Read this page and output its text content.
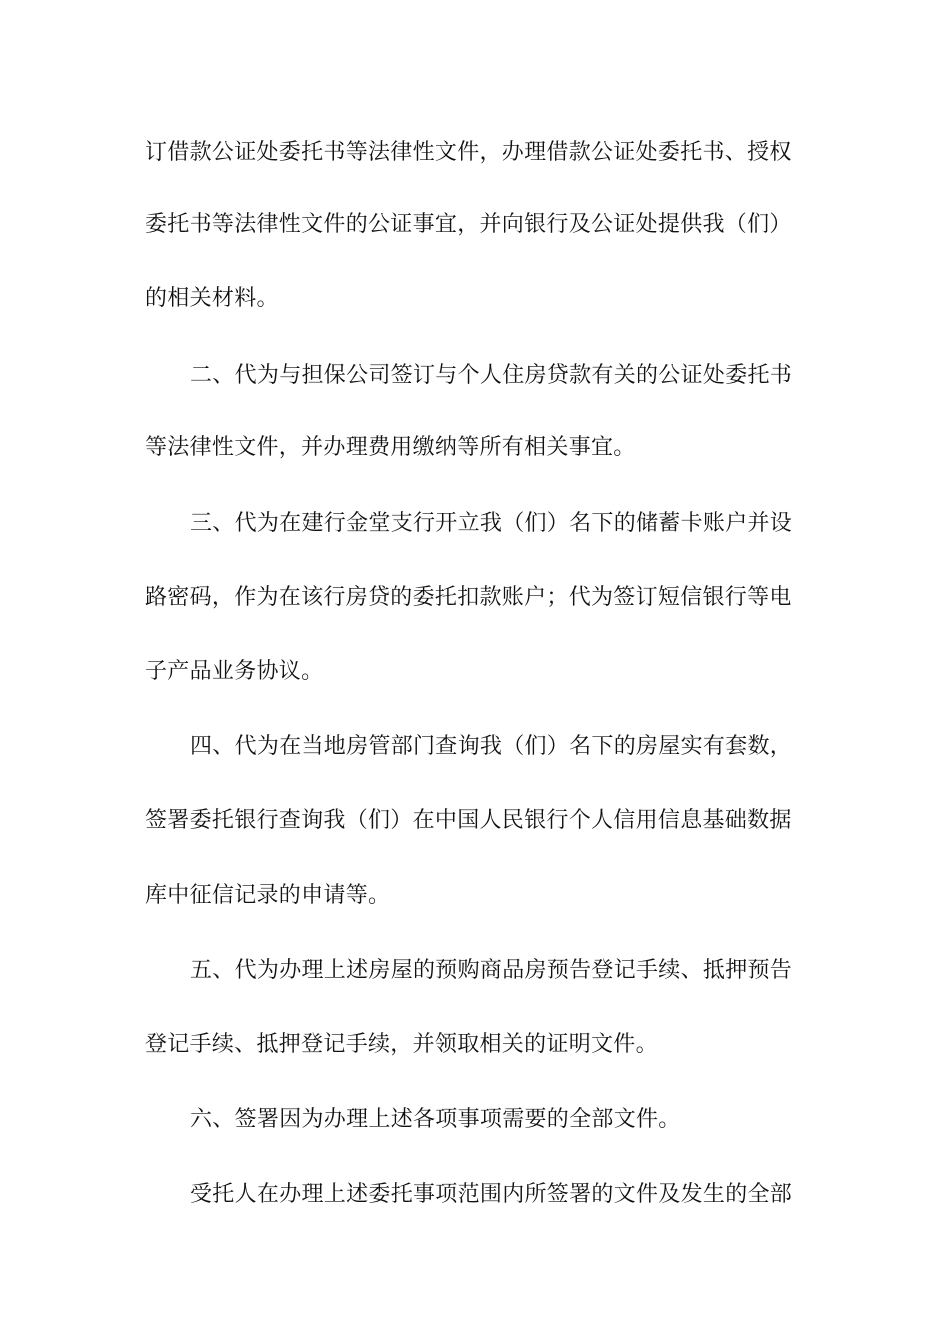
订借款公证处委托书等法律性文件，办理借款公证处委托书、授权
委托书等法律性文件的公证事宜，并向银行及公证处提供我（们）
的相关材料。
二、代为与担保公司签订与个人住房贷款有关的公证处委托书
等法律性文件，并办理费用缴纳等所有相关事宜。
三、代为在建行金堂支行开立我（们）名下的储蓄卡账户并设
路密码，作为在该行房贷的委托扣款账户；代为签订短信银行等电
子产品业务协议。
四、代为在当地房管部门查询我（们）名下的房屋实有套数，
签署委托银行查询我（们）在中国人民银行个人信用信息基础数据
库中征信记录的申请等。
五、代为办理上述房屋的预购商品房预告登记手续、抵押预告
登记手续、抵押登记手续，并领取相关的证明文件。
六、签署因为办理上述各项事项需要的全部文件。
受托人在办理上述委托事项范围内所签署的文件及发生的全部
